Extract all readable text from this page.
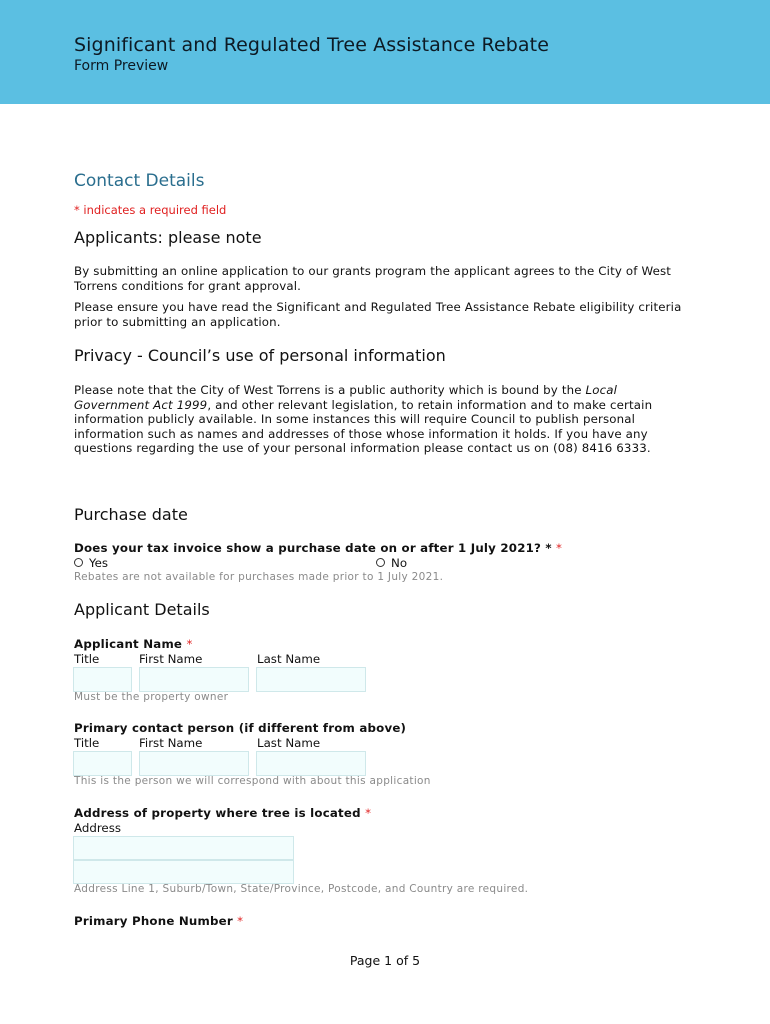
Significant and Regulated Tree Assistance Rebate
Form Preview
Contact Details
* indicates a required field
Applicants: please note

By submitting an online application to our grants program the applicant agrees to the City of West Torrens conditions for grant approval.

Please ensure you have read the Significant and Regulated Tree Assistance Rebate eligibility criteria prior to submitting an application.

Privacy - Council’s use of personal information
Please note that the City of West Torrens is a public authority which is bound by the Local Government Act 1999, and other relevant legislation, to retain information and to make certain information publicly available. In some instances this will require Council to publish personal information such as names and addresses of those whose information it holds. If you have any questions regarding the use of your personal information please contact us on (08) 8416 6333.
Purchase date
Does your tax invoice show a purchase date on or after 1 July 2021? * *
Yes	No
Rebates are not available for purchases made prior to 1 July 2021.
Applicant Details
Applicant Name *
Title	First Name	Last Name
Must be the property owner
Primary contact person (if different from above)
Title	First Name	Last Name
This is the person we will correspond with about this application
Address of property where tree is located *
Address
Address Line 1, Suburb/Town, State/Province, Postcode, and Country are required.
Primary Phone Number *
Page 1 of 5
